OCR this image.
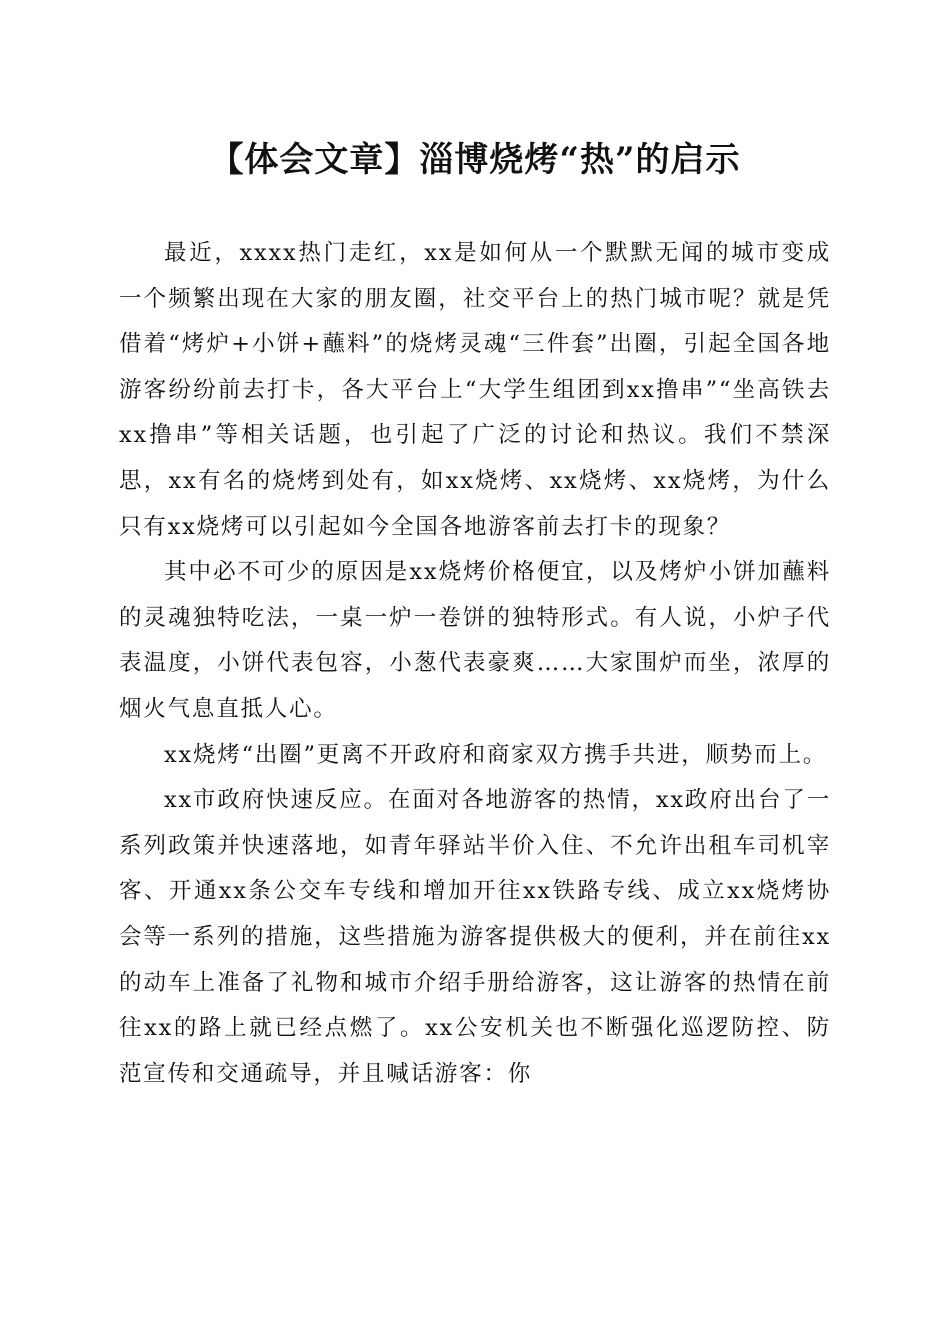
【体会文章】淄博烧烤“热”的启示

最近，xxxx热门走红，xx是如何从一个默默无闻的城市变成一个频繁出现在大家的朋友圈，社交平台上的热门城市呢？就是凭借着“烤炉+小饼+蘸料”的烧烤灵魂“三件套”出圈，引起全国各地游客纷纷前去打卡，各大平台上“大学生组团到xx撸串”“坐高铁去xx撸串”等相关话题，也引起了广泛的讨论和热议。我们不禁深思，xx有名的烧烤到处有，如xx烧烤、xx烧烤、xx烧烤，为什么只有xx烧烤可以引起如今全国各地游客前去打卡的现象？

其中必不可少的原因是xx烧烤价格便宜，以及烤炉小饼加蘸料的灵魂独特吃法，一桌一炉一卷饼的独特形式。有人说，小炉子代表温度，小饼代表包容，小葱代表豪爽……大家围炉而坐，浓厚的烟火气息直抵人心。

xx烧烤“出圈”更离不开政府和商家双方携手共进，顺势而上。

xx市政府快速反应。在面对各地游客的热情，xx政府出台了一系列政策并快速落地，如青年驿站半价入住、不允许出租车司机宰客、开通xx条公交车专线和增加开往xx铁路专线、成立xx烧烤协会等一系列的措施，这些措施为游客提供极大的便利，并在前往xx的动车上准备了礼物和城市介绍手册给游客，这让游客的热情在前往xx的路上就已经点燃了。xx公安机关也不断强化巡逻防控、防范宣传和交通疏导，并且喊话游客：你
